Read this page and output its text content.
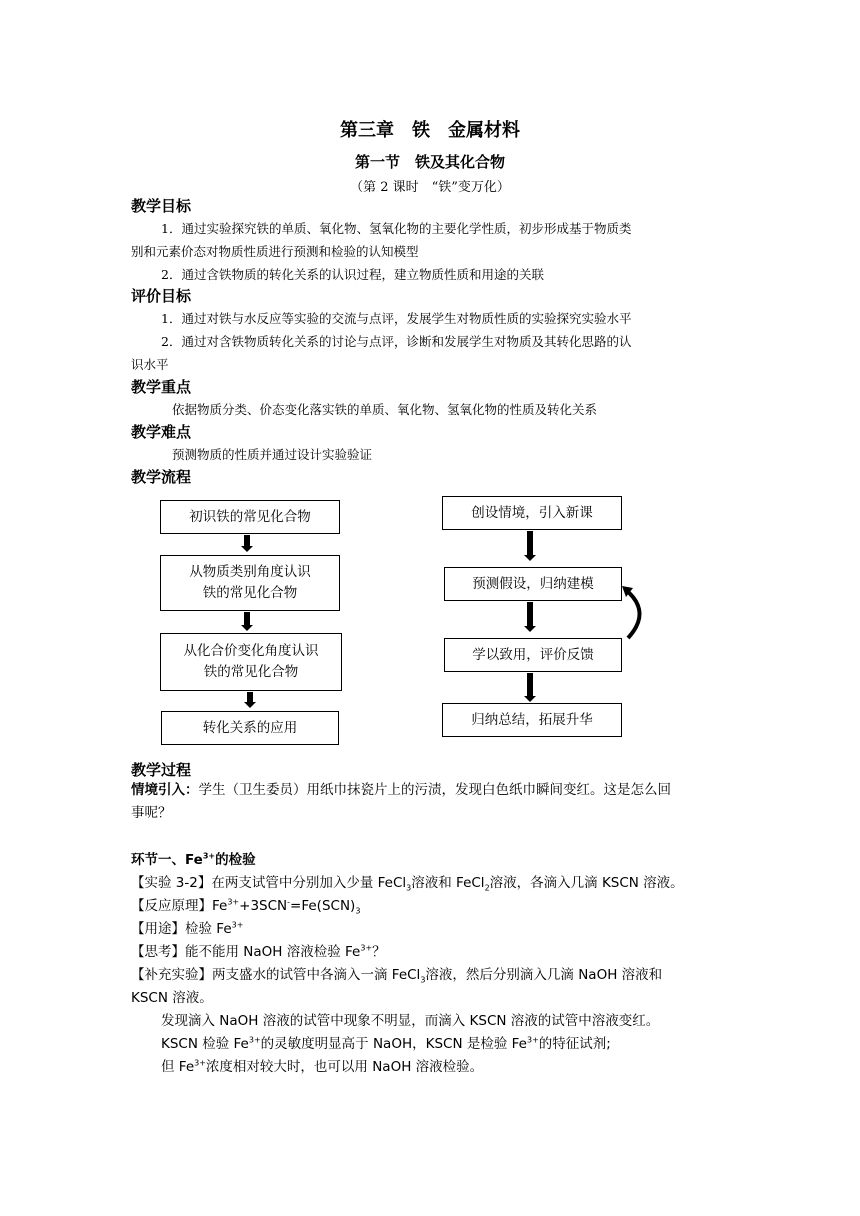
第三章　铁　金属材料
第一节　铁及其化合物
（第 2 课时　“铁”变万化）
教学目标
1．通过实验探究铁的单质、氧化物、氢氧化物的主要化学性质，初步形成基于物质类
别和元素价态对物质性质进行预测和检验的认知模型
2．通过含铁物质的转化关系的认识过程，建立物质性质和用途的关联
评价目标
1．通过对铁与水反应等实验的交流与点评，发展学生对物质性质的实验探究实验水平
2．通过对含铁物质转化关系的讨论与点评，诊断和发展学生对物质及其转化思路的认
识水平
教学重点
依据物质分类、价态变化落实铁的单质、氧化物、氢氧化物的性质及转化关系
教学难点
预测物质的性质并通过设计实验验证
教学流程
初识铁的常见化合物
从物质类别角度认识
铁的常见化合物
从化合价变化角度认识
铁的常见化合物
转化关系的应用
创设情境，引入新课
预测假设，归纳建模
学以致用，评价反馈
归纳总结，拓展升华
教学过程
情境引入：学生（卫生委员）用纸巾抹瓷片上的污渍，发现白色纸巾瞬间变红。这是怎么回
事呢？
环节一、$Fe^{3+}$的检验
【实验 3-2】在两支试管中分别加入少量 FeCl$_3$溶液和 FeCl$_2$溶液，各滴入几滴 KSCN 溶液。
【反应原理】$Fe^{3+}+3SCN^-=Fe(SCN)_3$
【用途】检验 $Fe^{3+}$
【思考】能不能用 NaOH 溶液检验 $Fe^{3+}$？
【补充实验】两支盛水的试管中各滴入一滴 FeCl$_3$溶液，然后分别滴入几滴 NaOH 溶液和
KSCN 溶液。
发现滴入 NaOH 溶液的试管中现象不明显，而滴入 KSCN 溶液的试管中溶液变红。
KSCN 检验 $Fe^{3+}$的灵敏度明显高于 NaOH，KSCN 是检验 $Fe^{3+}$的特征试剂;
但 $Fe^{3+}$浓度相对较大时，也可以用 NaOH 溶液检验。
